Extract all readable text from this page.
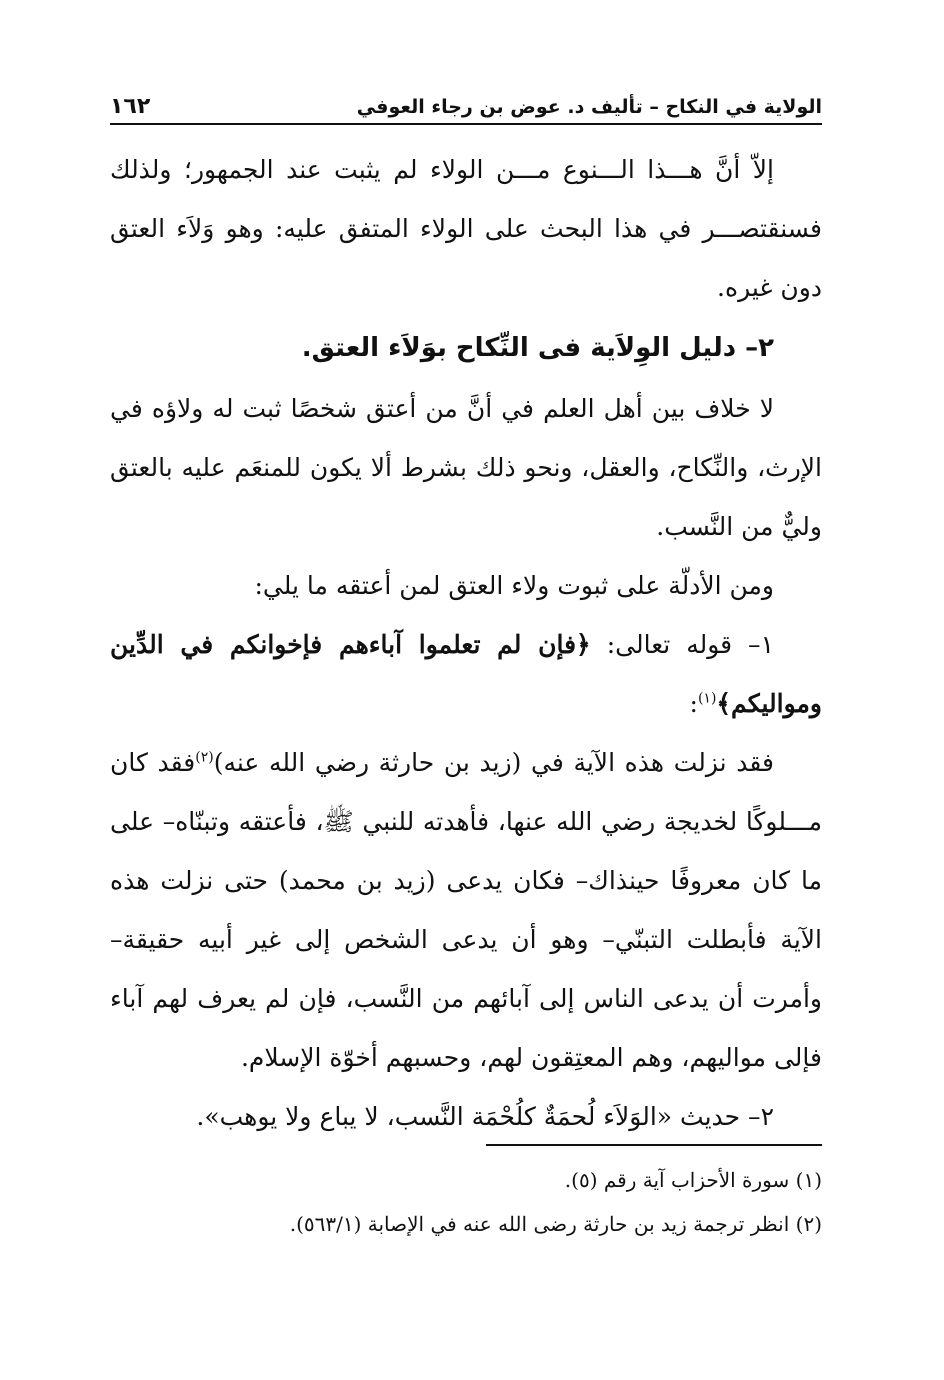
الولاية في النكاح – تأليف د. عوض بن رجاء العوفي
١٦٢

إلاّ أنَّ هـــذا الـــنوع مـــن الولاء لم يثبت عند الجمهور؛ ولذلك فسنقتصـــر في هذا البحث على الولاء المتفق عليه: وهو وَلاَء العتق دون غيره.

٢– دليل الوِلاَية فى النِّكاح بوَلاَء العتق.

لا خلاف بين أهل العلم في أنَّ من أعتق شخصًا ثبت له ولاؤه في الإرث، والنِّكاح، والعقل، ونحو ذلك بشرط ألا يكون للمنعَم عليه بالعتق وليٌّ من النَّسب.

ومن الأدلّة على ثبوت ولاء العتق لمن أعتقه ما يلي:

١– قوله تعالى: ﴿فإن لم تعلموا آباءهم فإخوانكم في الدِّين ومواليكم﴾$^{(١)}$:

فقد نزلت هذه الآية في (زيد بن حارثة رضي الله عنه)$^{(٢)}$فقد كان مـــلوكًا لخديجة رضي الله عنها، فأهدته للنبي ﷺ، فأعتقه وتبنّاه– على ما كان معروفًا حينذاك– فكان يدعى (زيد بن محمد) حتى نزلت هذه الآية فأبطلت التبنّي– وهو أن يدعى الشخص إلى غير أبيه حقيقة– وأمرت أن يدعى الناس إلى آبائهم من النَّسب، فإن لم يعرف لهم آباء فإلى مواليهم، وهم المعتِقون لهم، وحسبهم أخوّة الإسلام.

٢– حديث «الوَلاَء لُحمَةٌ كلُحْمَة النَّسب، لا يباع ولا يوهب».

(١) سورة الأحزاب آية رقم (٥).

(٢) انظر ترجمة زيد بن حارثة رضى الله عنه في الإصابة (٥٦٣/١).
